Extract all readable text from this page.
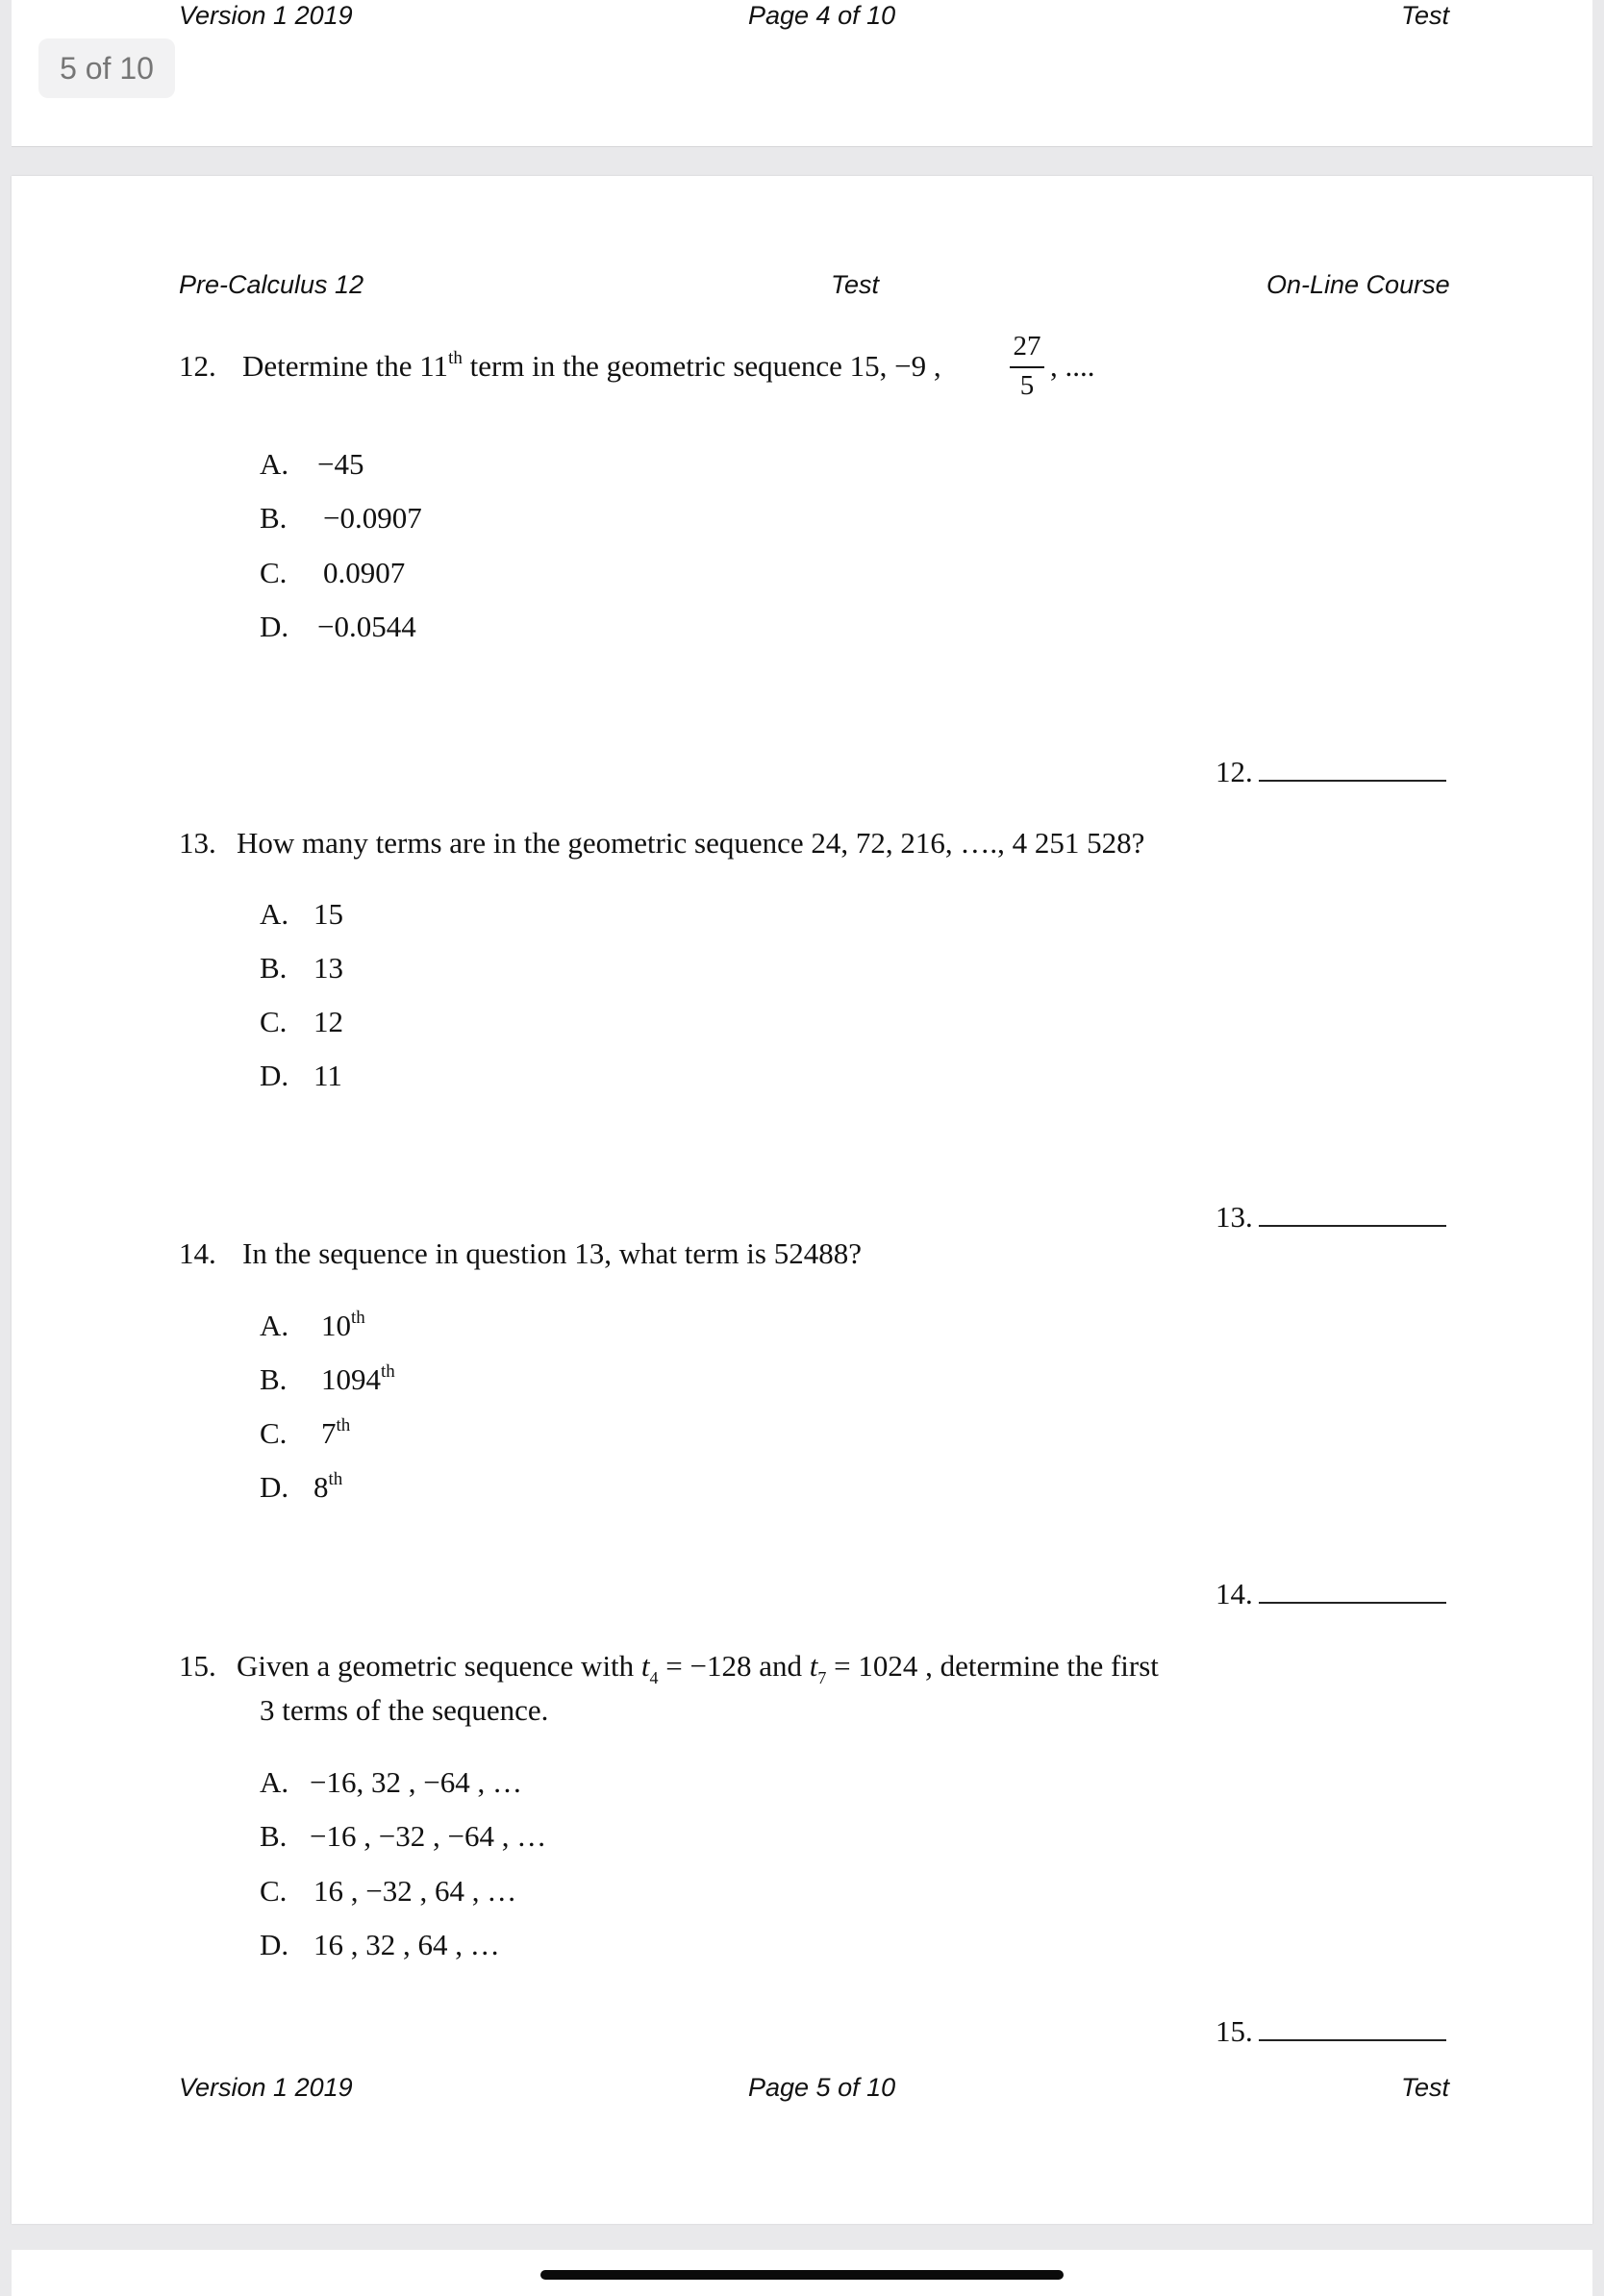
Version 1 2019	Page 4 of 10	Test
5 of 10
Pre-Calculus 12	Test	On-Line Course
12. Determine the 11th term in the geometric sequence 15, −9 ,
27
5
, ....
A. −45
B. −0.0907
C. 0.0907
D. −0.0544
12.
13. How many terms are in the geometric sequence 24, 72, 216, …., 4 251 528?
A. 15
B. 13
C. 12
D. 11
13.
14. In the sequence in question 13, what term is 52488?
A. 10th
B. 1094th
C. 7th
D. 8th
14.
15. Given a geometric sequence with $t_4 = -128$ and $t_7 = 1024$ , determine the first
3 terms of the sequence.
A. −16, 32 , −64 , …
B. −16 , −32 , −64 , …
C. 16 , −32 , 64 , …
D. 16 , 32 , 64 , …
15.
Version 1 2019	Page 5 of 10	Test
